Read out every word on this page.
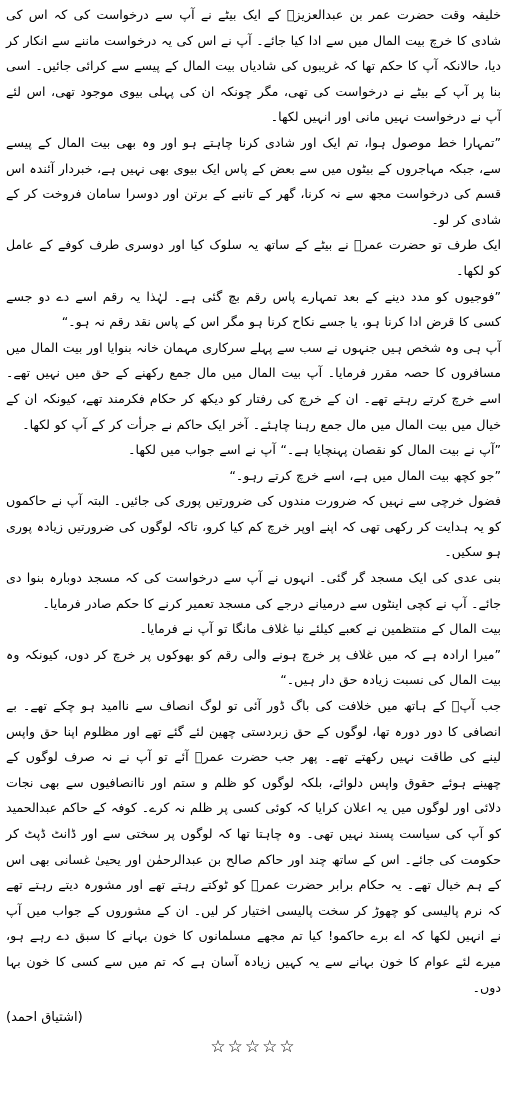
خلیفہ وقت حضرت عمر بن عبدالعزیزؒ کے ایک بیٹے نے آپ سے درخواست کی کہ اس کی شادی کا خرچ بیت المال میں سے ادا کیا جائے۔ آپ نے اس کی یہ درخواست ماننے سے انکار کر دیا، حالانکہ آپ کا حکم تھا کہ غریبوں کی شادیاں بیت المال کے پیسے سے کرائی جائیں۔ اسی بنا پر آپ کے بیٹے نے درخواست کی تھی، مگر چونکہ ان کی پہلی بیوی موجود تھی، اس لئے آپ نے درخواست نہیں مانی اور انہیں لکھا۔

”تمہارا خط موصول ہوا، تم ایک اور شادی کرنا چاہتے ہو اور وہ بھی بیت المال کے پیسے سے، جبکہ مہاجروں کے بیٹوں میں سے بعض کے پاس ایک بیوی بھی نہیں ہے، خبردار آئندہ اس قسم کی درخواست مجھ سے نہ کرنا، گھر کے تانبے کے برتن اور دوسرا سامان فروخت کر کے شادی کر لو۔

ایک طرف تو حضرت عمرؒ نے بیٹے کے ساتھ یہ سلوک کیا اور دوسری طرف کوفے کے عامل کو لکھا۔

”فوجیوں کو مدد دینے کے بعد تمہارے پاس رقم بچ گئی ہے۔ لہٰذا یہ رقم اسے دے دو جسے کسی کا قرض ادا کرنا ہو، یا جسے نکاح کرنا ہو مگر اس کے پاس نقد رقم نہ ہو۔“

آپ ہی وہ شخص ہیں جنہوں نے سب سے پہلے سرکاری مہمان خانہ بنوایا اور بیت المال میں مسافروں کا حصہ مقرر فرمایا۔ آپ بیت المال میں مال جمع رکھنے کے حق میں نہیں تھے۔ اسے خرچ کرتے رہتے تھے۔ ان کے خرچ کی رفتار کو دیکھ کر حکام فکرمند تھے، کیونکہ ان کے خیال میں بیت المال میں مال جمع رہنا چاہئے۔ آخر ایک حاکم نے جرأت کر کے آپ کو لکھا۔

”آپ نے بیت المال کو نقصان پہنچایا ہے۔“ آپ نے اسے جواب میں لکھا۔

”جو کچھ بیت المال میں ہے، اسے خرچ کرتے رہو۔“

فضول خرچی سے نہیں کہ ضرورت مندوں کی ضرورتیں پوری کی جائیں۔ البتہ آپ نے حاکموں کو یہ ہدایت کر رکھی تھی کہ اپنے اوپر خرچ کم کیا کرو، تاکہ لوگوں کی ضرورتیں زیادہ پوری ہو سکیں۔

بنی عدی کی ایک مسجد گر گئی۔ انہوں نے آپ سے درخواست کی کہ مسجد دوبارہ بنوا دی جائے۔ آپ نے کچی اینٹوں سے درمیانے درجے کی مسجد تعمیر کرنے کا حکم صادر فرمایا۔

بیت المال کے منتظمین نے کعبے کیلئے نیا غلاف مانگا تو آپ نے فرمایا۔

”میرا ارادہ ہے کہ میں غلاف پر خرچ ہونے والی رقم کو بھوکوں پر خرچ کر دوں، کیونکہ وہ بیت المال کی نسبت زیادہ حق دار ہیں۔“

جب آپؒ کے ہاتھ میں خلافت کی باگ ڈور آئی تو لوگ انصاف سے ناامید ہو چکے تھے۔ بے انصافی کا دور دورہ تھا، لوگوں کے حق زبردستی چھین لئے گئے تھے اور مظلوم اپنا حق واپس لینے کی طاقت نہیں رکھتے تھے۔ پھر جب حضرت عمرؒ آئے تو آپ نے نہ صرف لوگوں کے چھینے ہوئے حقوق واپس دلوائے، بلکہ لوگوں کو ظلم و ستم اور ناانصافیوں سے بھی نجات دلائی اور لوگوں میں یہ اعلان کرایا کہ کوئی کسی پر ظلم نہ کرے۔ کوفہ کے حاکم عبدالحمید کو آپ کی سیاست پسند نہیں تھی۔ وہ چاہتا تھا کہ لوگوں پر سختی سے اور ڈانٹ ڈپٹ کر حکومت کی جائے۔ اس کے ساتھ چند اور حاکم صالح بن عبدالرحمٰن اور یحییٰ غسانی بھی اس کے ہم خیال تھے۔ یہ حکام برابر حضرت عمرؒ کو ٹوکتے رہتے تھے اور مشورہ دیتے رہتے تھے کہ نرم پالیسی کو چھوڑ کر سخت پالیسی اختیار کر لیں۔ ان کے مشوروں کے جواب میں آپ نے انہیں لکھا کہ اے برے حاکمو! کیا تم مجھے مسلمانوں کا خون بہانے کا سبق دے رہے ہو، میرے لئے عوام کا خون بہانے سے یہ کہیں زیادہ آسان ہے کہ تم میں سے کسی کا خون بہا دوں۔

(اشتیاق احمد)
☆☆☆☆☆
